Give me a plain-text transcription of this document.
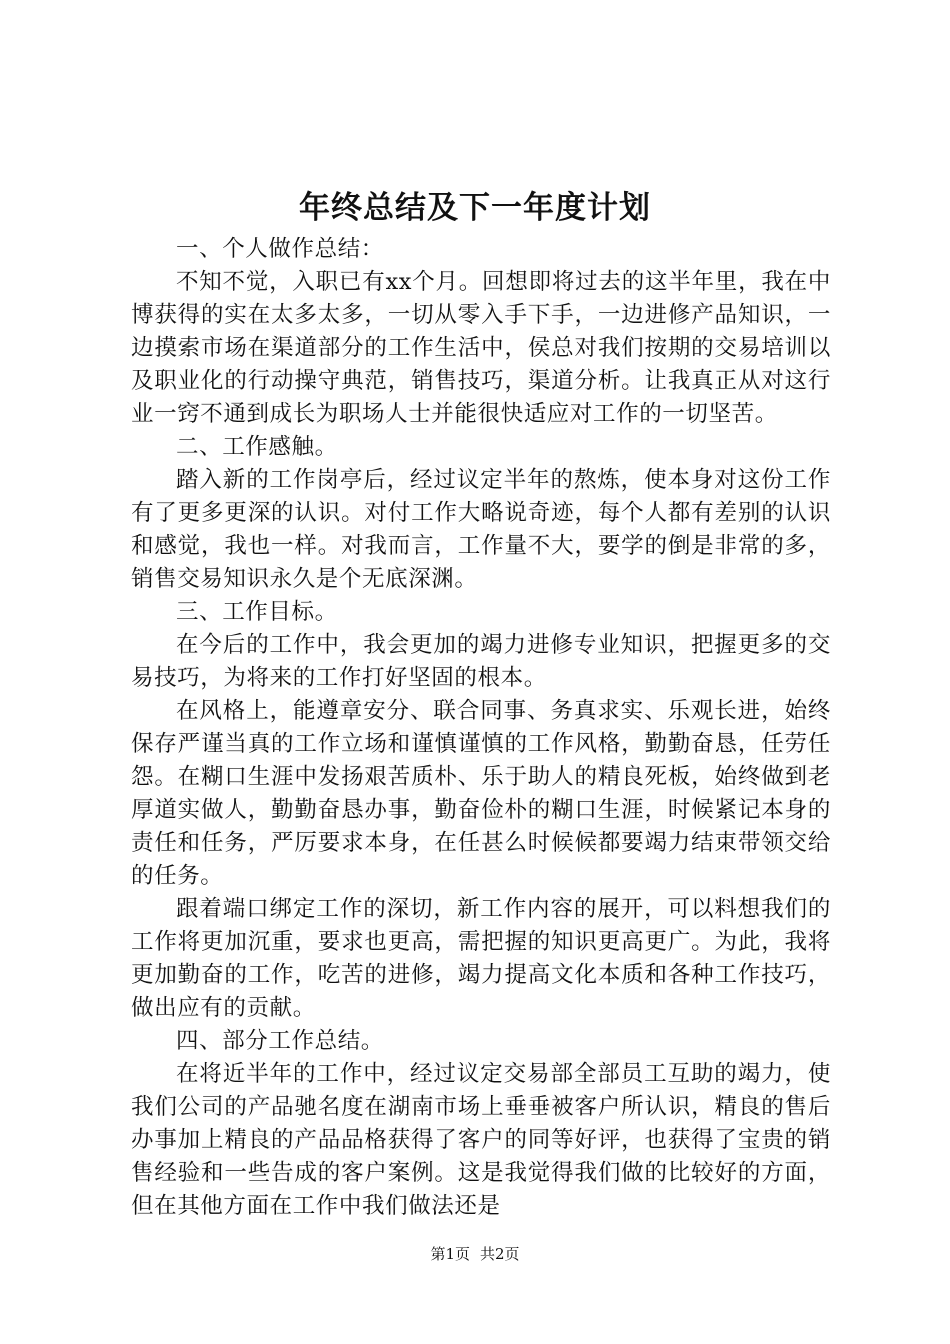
年终总结及下一年度计划

一、个人做作总结：

不知不觉，入职已有xx个月。回想即将过去的这半年里，我在中博获得的实在太多太多，一切从零入手下手，一边进修产品知识，一边摸索市场在渠道部分的工作生活中，侯总对我们按期的交易培训以及职业化的行动操守典范，销售技巧，渠道分析。让我真正从对这行业一窍不通到成长为职场人士并能很快适应对工作的一切坚苦。

二、工作感触。

踏入新的工作岗亭后，经过议定半年的熬炼，使本身对这份工作有了更多更深的认识。对付工作大略说奇迹，每个人都有差别的认识和感觉，我也一样。对我而言，工作量不大，要学的倒是非常的多，销售交易知识永久是个无底深渊。

三、工作目标。

在今后的工作中，我会更加的竭力进修专业知识，把握更多的交易技巧，为将来的工作打好坚固的根本。

在风格上，能遵章安分、联合同事、务真求实、乐观长进，始终保存严谨当真的工作立场和谨慎谨慎的工作风格，勤勤奋恳，任劳任怨。在糊口生涯中发扬艰苦质朴、乐于助人的精良死板，始终做到老厚道实做人，勤勤奋恳办事，勤奋俭朴的糊口生涯，时候紧记本身的责任和任务，严厉要求本身，在任甚么时候候都要竭力结束带领交给的任务。

跟着端口绑定工作的深切，新工作内容的展开，可以料想我们的工作将更加沉重，要求也更高，需把握的知识更高更广。为此，我将更加勤奋的工作，吃苦的进修，竭力提高文化本质和各种工作技巧，做出应有的贡献。

四、部分工作总结。

在将近半年的工作中，经过议定交易部全部员工互助的竭力，使我们公司的产品驰名度在湖南市场上垂垂被客户所认识，精良的售后办事加上精良的产品品格获得了客户的同等好评，也获得了宝贵的销售经验和一些告成的客户案例。这是我觉得我们做的比较好的方面，但在其他方面在工作中我们做法还是

第1页 共2页
